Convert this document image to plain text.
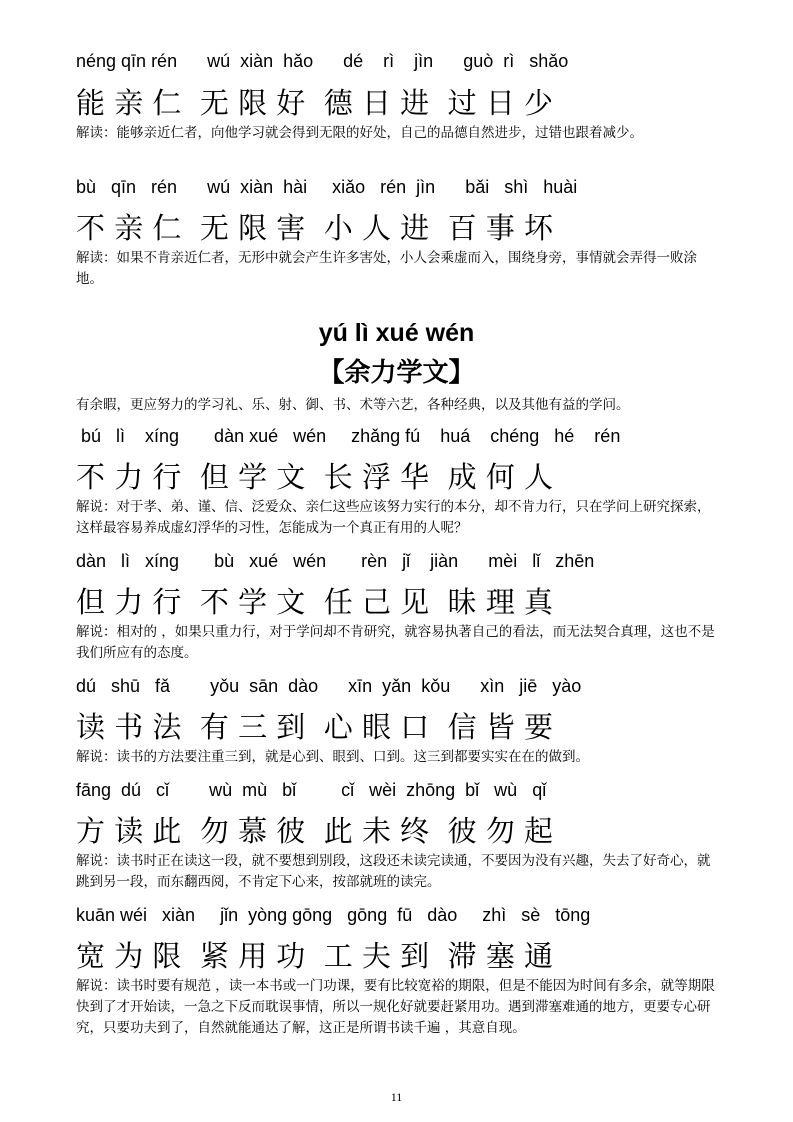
néng qīn rén      wú  xiàn  hǎo      dé    rì    jìn      guò  rì   shǎo
能 亲 仁  无 限 好  德 日 进  过 日 少
解读：能够亲近仁者，向他学习就会得到无限的好处，自己的品德自然进步，过错也跟着减少。
bù   qīn   rén      wú  xiàn  hài     xiǎo   rén  jìn      bǎi   shì   huài
不 亲 仁  无 限 害  小 人 进  百 事 坏
解读：如果不肯亲近仁者，无形中就会产生许多害处，小人会乘虚而入，围绕身旁，事情就会弄得一败涂地。
yú lì xué wén
【余力学文】
有余暇，更应努力的学习礼、乐、射、御、书、术等六艺，各种经典，以及其他有益的学问。
bú   lì    xíng       dàn xué   wén     zhǎng fú    huá    chéng   hé    rén
不 力 行  但 学 文  长 浮 华  成 何 人
解说：对于孝、弟、谨、信、泛爱众、亲仁这些应该努力实行的本分，却不肯力行，只在学问上研究探索，这样最容易养成虚幻浮华的习性，怎能成为一个真正有用的人呢？
dàn   lì   xíng       bù   xué   wén       rèn   jǐ    jiàn      mèi   lǐ   zhēn
但 力 行  不 学 文  任 己 见  昧 理 真
解说：相对的 ，如果只重力行，对于学问却不肯研究，就容易执著自己的看法，而无法契合真理，这也不是我们所应有的态度。
dú   shū   fǎ        yǒu  sān  dào      xīn  yǎn  kǒu      xìn   jiē   yào
读 书 法  有 三 到  心 眼 口  信 皆 要
解说：读书的方法要注重三到，就是心到、眼到、口到。这三到都要实实在在的做到。
fāng  dú   cǐ        wù  mù   bǐ         cǐ   wèi  zhōng  bǐ   wù   qǐ
方 读 此  勿 慕 彼  此 未 终  彼 勿 起
解说：读书时正在读这一段，就不要想到别段，这段还未读完读通，不要因为没有兴趣，失去了好奇心，就跳到另一段，而东翻西阅，不肯定下心来，按部就班的读完。
kuān wéi   xiàn     jǐn  yòng gōng   gōng  fū   dào     zhì   sè   tōng
宽 为 限  紧 用 功  工 夫 到  滞 塞 通
解说：读书时要有规范 ，读一本书或一门功课，要有比较宽裕的期限，但是不能因为时间有多余，就等期限快到了才开始读，一急之下反而耽误事情，所以一规化好就要赶紧用功。遇到滞塞难通的地方，更要专心研究，只要功夫到了，自然就能通达了解，这正是所谓书读千遍 ，其意自现。
11
